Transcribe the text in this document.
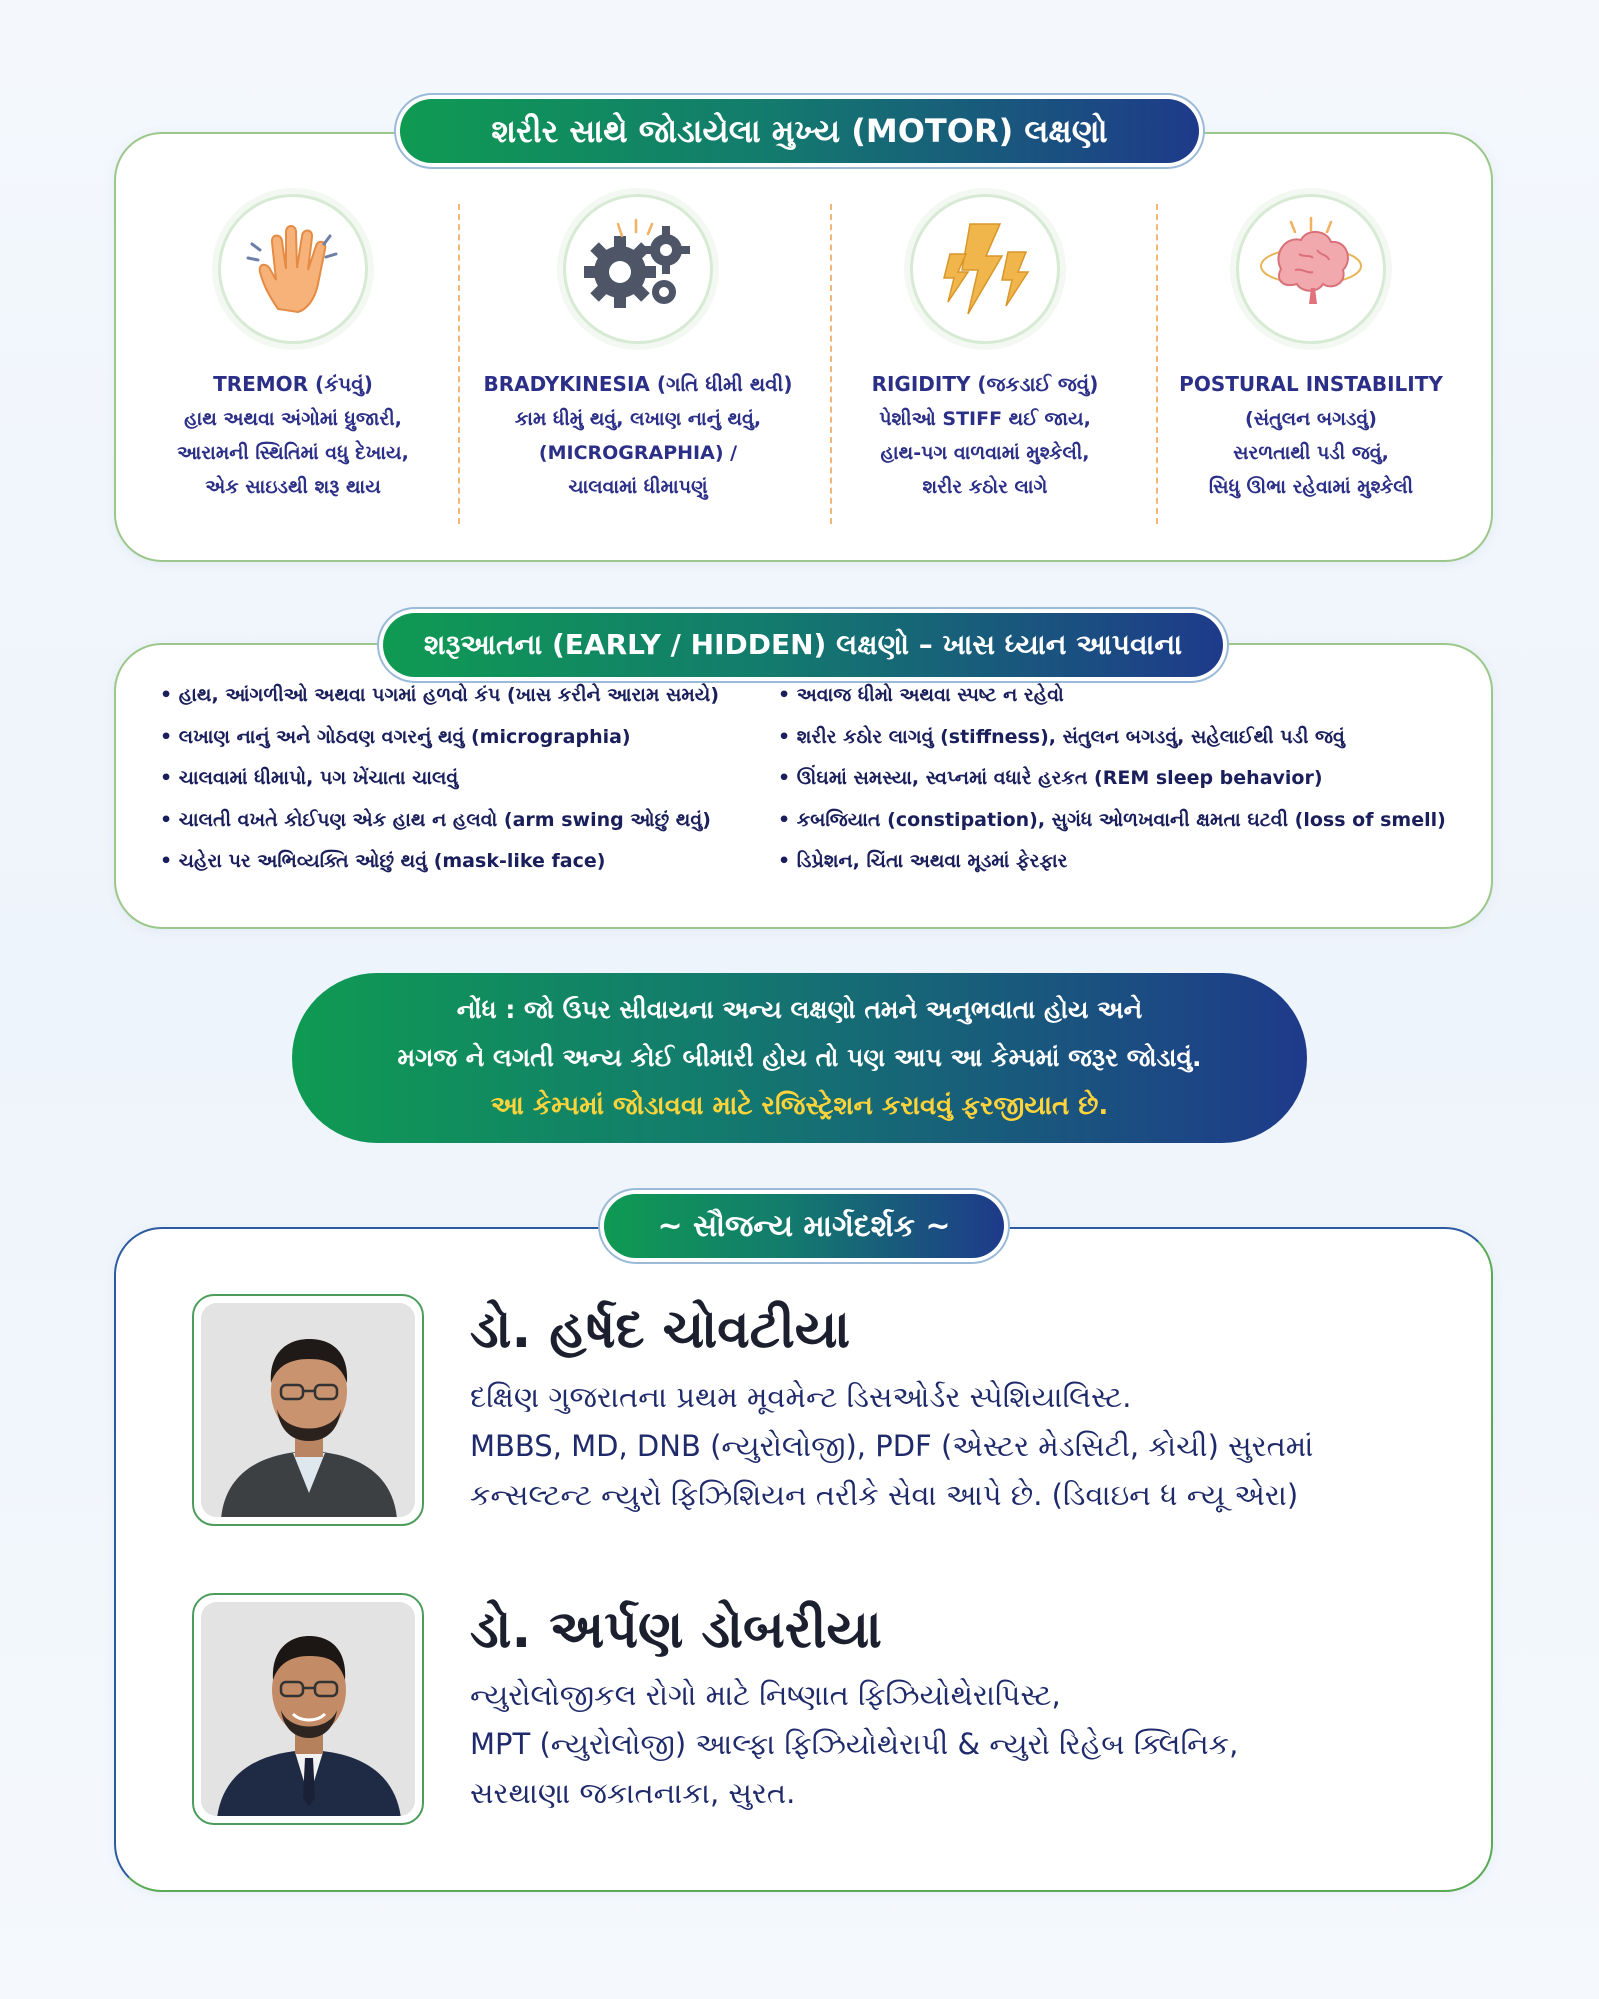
TREMOR (કંપવું)
હાથ અથવા અંગોમાં ધ્રુજારી,
આરામની સ્થિતિમાં વધુ દેખાય,
એક સાઇડથી શરૂ થાય
BRADYKINESIA (ગતિ ધીમી થવી)
કામ ધીમું થવું, લખાણ નાનું થવું,
(MICROGRAPHIA) /
ચાલવામાં ધીમાપણું
RIGIDITY (જકડાઈ જવું)
પેશીઓ STIFF થઈ જાય,
હાથ-પગ વાળવામાં મુશ્કેલી,
શરીર કઠોર લાગે
POSTURAL INSTABILITY
(સંતુલન બગડવું)
સરળતાથી પડી જવું,
સિધુ ઊભા રહેવામાં મુશ્કેલી
શરીર સાથે જોડાયેલા મુખ્ય (MOTOR) લક્ષણો
• હાથ, આંગળીઓ અથવા પગમાં હળવો કંપ (ખાસ કરીને આરામ સમયે)
• લખાણ નાનું અને ગોઠવણ વગરનું થવું (micrographia)
• ચાલવામાં ધીમાપો, પગ ખેંચાતા ચાલવું
• ચાલતી વખતે કોઈપણ એક હાથ ન હલવો (arm swing ઓછું થવું)
• ચહેરા પર અભિવ્યક્તિ ઓછું થવું (mask-like face)
• અવાજ ધીમો અથવા સ્પષ્ટ ન રહેવો
• શરીર કઠોર લાગવું (stiffness), સંતુલન બગડવું, સહેલાઈથી પડી જવું
• ઊંઘમાં સમસ્યા, સ્વપ્નમાં વધારે હરકત (REM sleep behavior)
• કબજિયાત (constipation), સુગંધ ઓળખવાની ક્ષમતા ઘટવી (loss of smell)
• ડિપ્રેશન, ચિંતા અથવા મૂડમાં ફેરફાર
શરૂઆતના (EARLY / HIDDEN) લક્ષણો – ખાસ ધ્યાન આપવાના
નોંધ : જો ઉપર સીવાયના અન્ય લક્ષણો તમને અનુભવાતા હોય અને
મગજ ને લગતી અન્ય કોઈ બીમારી હોય તો પણ આપ આ કેમ્પમાં જરૂર જોડાવું.
આ કેમ્પમાં જોડાવવા માટે રજિસ્ટ્રેશન કરાવવું ફરજીયાત છે.
~ સૌજન્ય માર્ગદર્શક ~
ડો. હર્ષદ ચોવટીયા
દક્ષિણ ગુજરાતના પ્રથમ મૂવમેન્ટ ડિસઓર્ડર સ્પેશિયાલિસ્ટ.
MBBS, MD, DNB (ન્યુરોલોજી), PDF (એસ્ટર મેડસિટી, કોચી) સુરતમાં
કન્સલ્ટન્ટ ન્યુરો ફિઝિશિયન તરીકે સેવા આપે છે. (ડિવાઇન ધ ન્યૂ એરા)
ડો. અર્પણ ડોબરીયા
ન્યુરોલોજીકલ રોગો માટે નિષ્ણાત ફિઝિયોથેરાપિસ્ટ,
MPT (ન્યુરોલોજી) આલ્ફા ફિઝિયોથેરાપી & ન્યુરો રિહેબ ક્લિનિક,
સરથાણા જકાતનાકા, સુરત.
